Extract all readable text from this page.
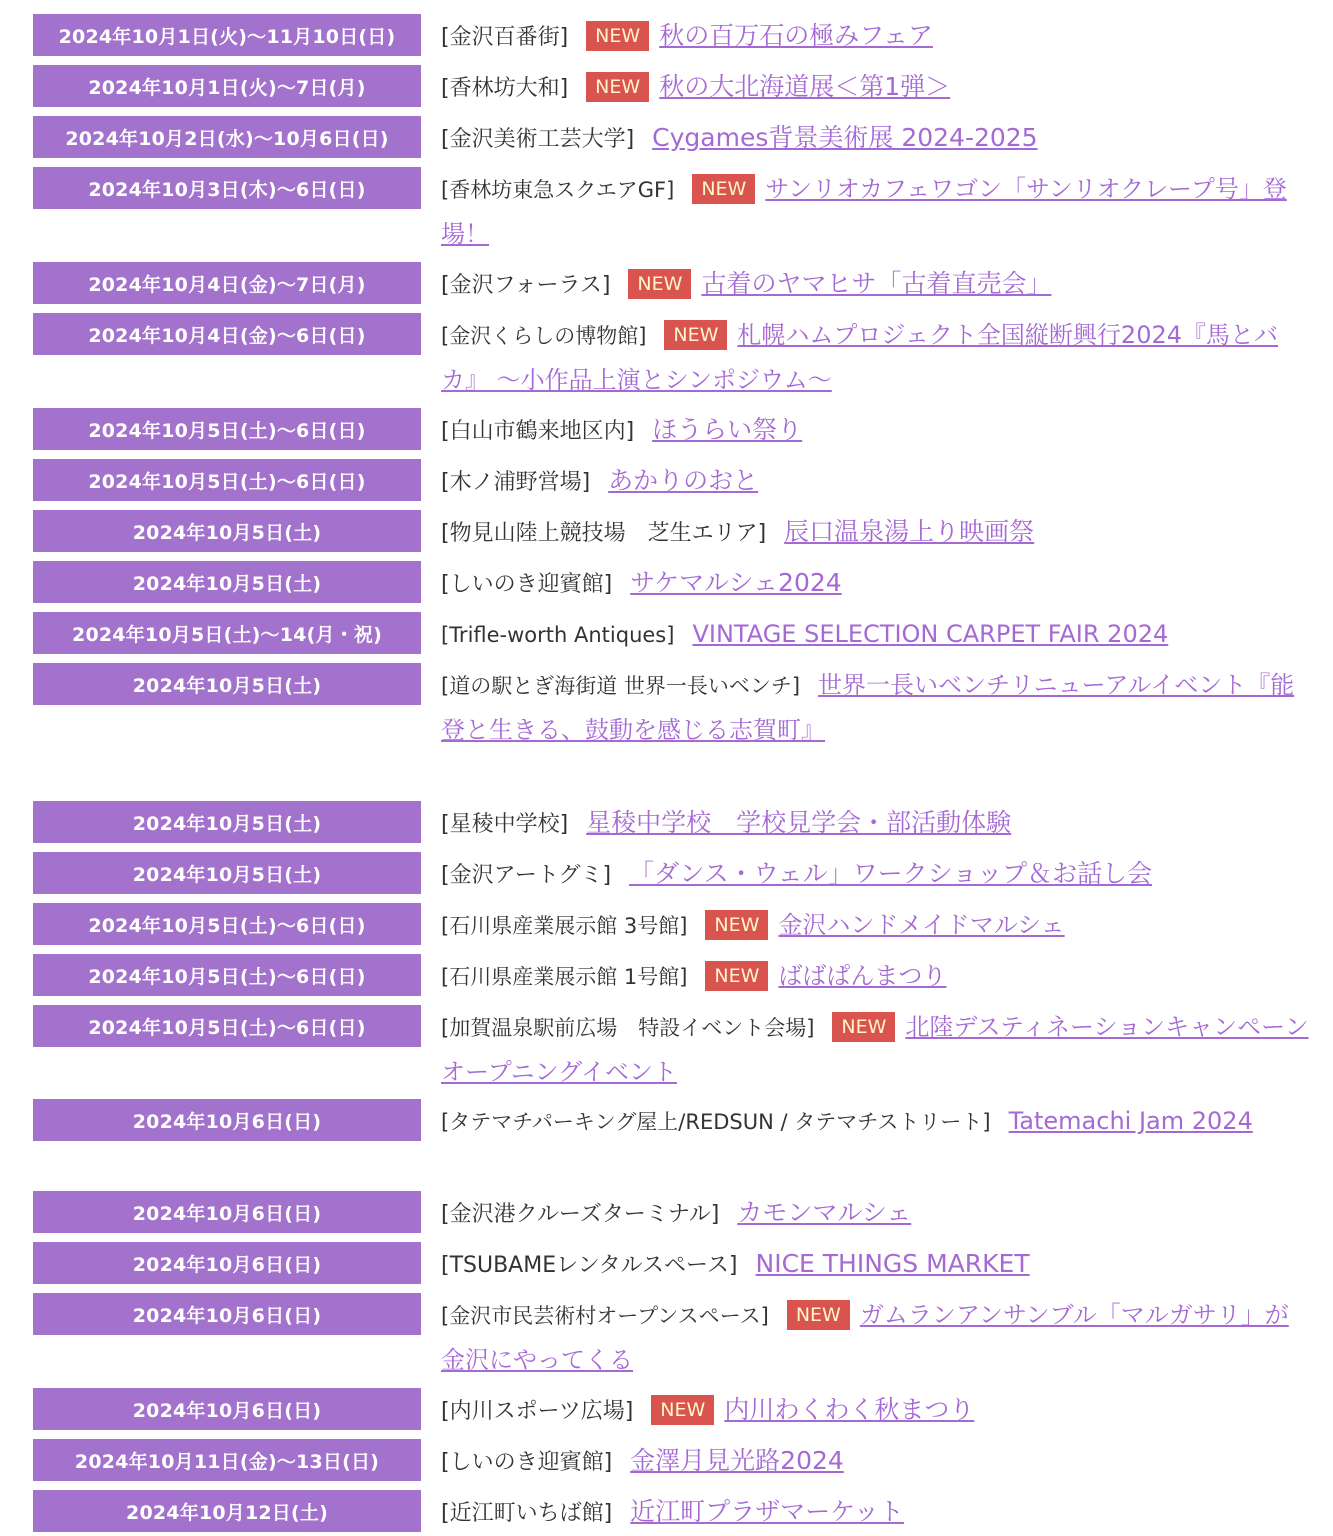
2024年10月1日(火)〜11月10日(日)	[金沢百番街] NEW 秋の百万石の極みフェア
2024年10月1日(火)〜7日(月)	[香林坊大和] NEW 秋の大北海道展＜第1弾＞
2024年10月2日(水)〜10月6日(日)	[金沢美術工芸大学] Cygames背景美術展 2024-2025
2024年10月3日(木)〜6日(日)	[香林坊東急スクエアGF] NEW サンリオカフェワゴン「サンリオクレープ号」登場！
2024年10月4日(金)〜7日(月)	[金沢フォーラス] NEW 古着のヤマヒサ「古着直売会」
2024年10月4日(金)〜6日(日)	[金沢くらしの博物館] NEW 札幌ハムプロジェクト全国縦断興行2024『馬とバカ』 〜小作品上演とシンポジウム〜
2024年10月5日(土)〜6日(日)	[白山市鶴来地区内] ほうらい祭り
2024年10月5日(土)〜6日(日)	[木ノ浦野営場] あかりのおと
2024年10月5日(土)	[物見山陸上競技場　芝生エリア] 辰口温泉湯上り映画祭
2024年10月5日(土)	[しいのき迎賓館] サケマルシェ2024
2024年10月5日(土)〜14(月・祝)	[Trifle-worth Antiques] VINTAGE SELECTION CARPET FAIR 2024
2024年10月5日(土)	[道の駅とぎ海街道 世界一長いベンチ] 世界一長いベンチリニューアルイベント『能登と生きる、鼓動を感じる志賀町』
2024年10月5日(土)	[星稜中学校] 星稜中学校　学校見学会・部活動体験
2024年10月5日(土)	[金沢アートグミ] 「ダンス・ウェル」ワークショップ＆お話し会
2024年10月5日(土)〜6日(日)	[石川県産業展示館 3号館] NEW 金沢ハンドメイドマルシェ
2024年10月5日(土)〜6日(日)	[石川県産業展示館 1号館] NEW ばばぱんまつり
2024年10月5日(土)〜6日(日)	[加賀温泉駅前広場　特設イベント会場] NEW 北陸デスティネーションキャンペーン オープニングイベント
2024年10月6日(日)	[タテマチパーキング屋上/REDSUN / タテマチストリート] Tatemachi Jam 2024
2024年10月6日(日)	[金沢港クルーズターミナル] カモンマルシェ
2024年10月6日(日)	[TSUBAMEレンタルスペース] NICE THINGS MARKET
2024年10月6日(日)	[金沢市民芸術村オープンスペース] NEW ガムランアンサンブル「マルガサリ」が金沢にやってくる
2024年10月6日(日)	[内川スポーツ広場] NEW 内川わくわく秋まつり
2024年10月11日(金)〜13日(日)	[しいのき迎賓館] 金澤月見光路2024
2024年10月12日(土)	[近江町いちば館] 近江町プラザマーケット
